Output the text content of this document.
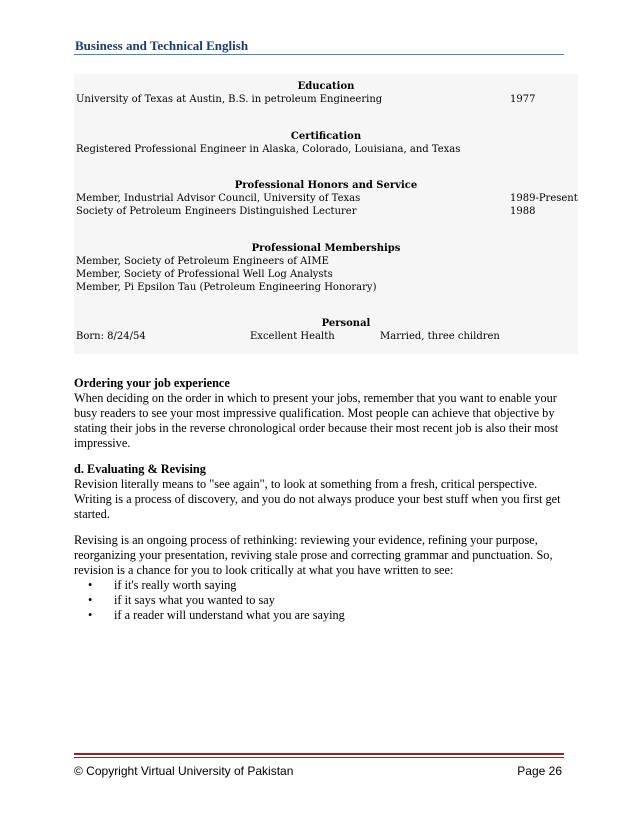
Business and Technical English
Education
University of Texas at Austin, B.S. in petroleum Engineering	1977
Certification
Registered Professional Engineer in Alaska, Colorado, Louisiana, and Texas
Professional Honors and Service
Member, Industrial Advisor Council, University of Texas	1989-Present
Society of Petroleum Engineers Distinguished Lecturer	1988
Professional Memberships
Member, Society of Petroleum Engineers of AIME
Member, Society of Professional Well Log Analysts
Member, Pi Epsilon Tau (Petroleum Engineering Honorary)
Personal
Born: 8/24/54	Excellent Health	Married, three children
Ordering your job experience
When deciding on the order in which to present your jobs, remember that you want to enable your busy readers to see your most impressive qualification. Most people can achieve that objective by stating their jobs in the reverse chronological order because their most recent job is also their most impressive.
d. Evaluating & Revising
Revision literally means to "see again", to look at something from a fresh, critical perspective. Writing is a process of discovery, and you do not always produce your best stuff when you first get started.
Revising is an ongoing process of rethinking: reviewing your evidence, refining your purpose, reorganizing your presentation, reviving stale prose and correcting grammar and punctuation. So, revision is a chance for you to look critically at what you have written to see:
• if it's really worth saying
• if it says what you wanted to say
• if a reader will understand what you are saying
© Copyright Virtual University of Pakistan	Page 26
